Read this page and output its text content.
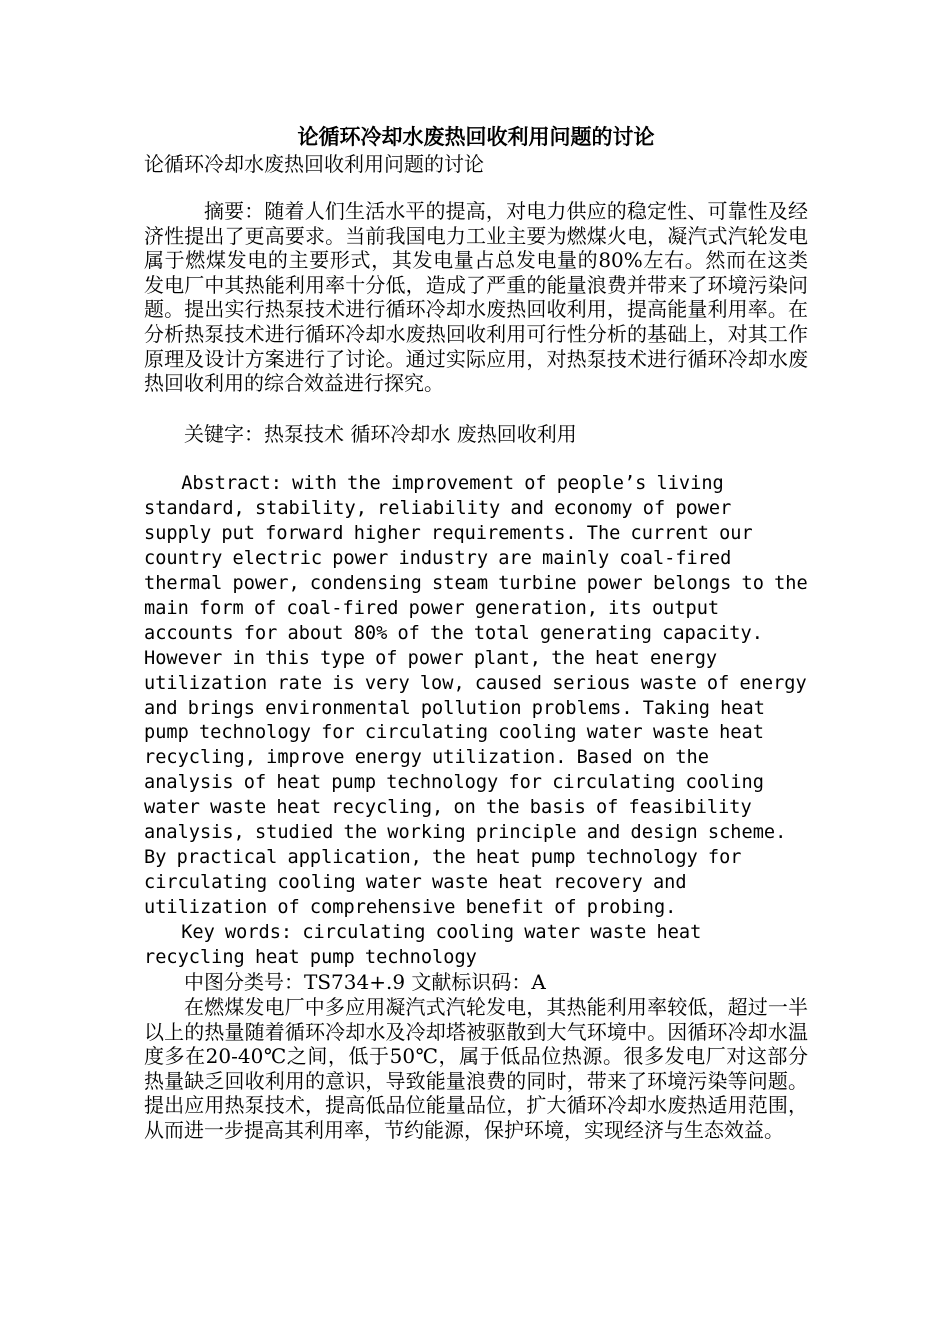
论循环冷却水废热回收利用问题的讨论
论循环冷却水废热回收利用问题的讨论

摘要：随着人们生活水平的提高，对电力供应的稳定性、可靠性及经济性提出了更高要求。当前我国电力工业主要为燃煤火电，凝汽式汽轮发电属于燃煤发电的主要形式，其发电量占总发电量的80%左右。然而在这类发电厂中其热能利用率十分低，造成了严重的能量浪费并带来了环境污染问题。提出实行热泵技术进行循环冷却水废热回收利用，提高能量利用率。在分析热泵技术进行循环冷却水废热回收利用可行性分析的基础上，对其工作原理及设计方案进行了讨论。通过实际应用，对热泵技术进行循环冷却水废热回收利用的综合效益进行探究。

关键字：热泵技术 循环冷却水 废热回收利用

Abstract: with the improvement of people’s living standard, stability, reliability and economy of power supply put forward higher requirements. The current our country electric power industry are mainly coal-fired thermal power, condensing steam turbine power belongs to the main form of coal-fired power generation, its output accounts for about 80% of the total generating capacity. However in this type of power plant, the heat energy utilization rate is very low, caused serious waste of energy and brings environmental pollution problems. Taking heat pump technology for circulating cooling water waste heat recycling, improve energy utilization. Based on the analysis of heat pump technology for circulating cooling water waste heat recycling, on the basis of feasibility analysis, studied the working principle and design scheme. By practical application, the heat pump technology for circulating cooling water waste heat recovery and utilization of comprehensive benefit of probing.

Key words: circulating cooling water waste heat recycling heat pump technology

中图分类号：TS734+.9 文献标识码：A

在燃煤发电厂中多应用凝汽式汽轮发电，其热能利用率较低，超过一半以上的热量随着循环冷却水及冷却塔被驱散到大气环境中。因循环冷却水温度多在20-40℃之间，低于50℃，属于低品位热源。很多发电厂对这部分热量缺乏回收利用的意识，导致能量浪费的同时，带来了环境污染等问题。提出应用热泵技术，提高低品位能量品位，扩大循环冷却水废热适用范围，从而进一步提高其利用率，节约能源，保护环境，实现经济与生态效益。
